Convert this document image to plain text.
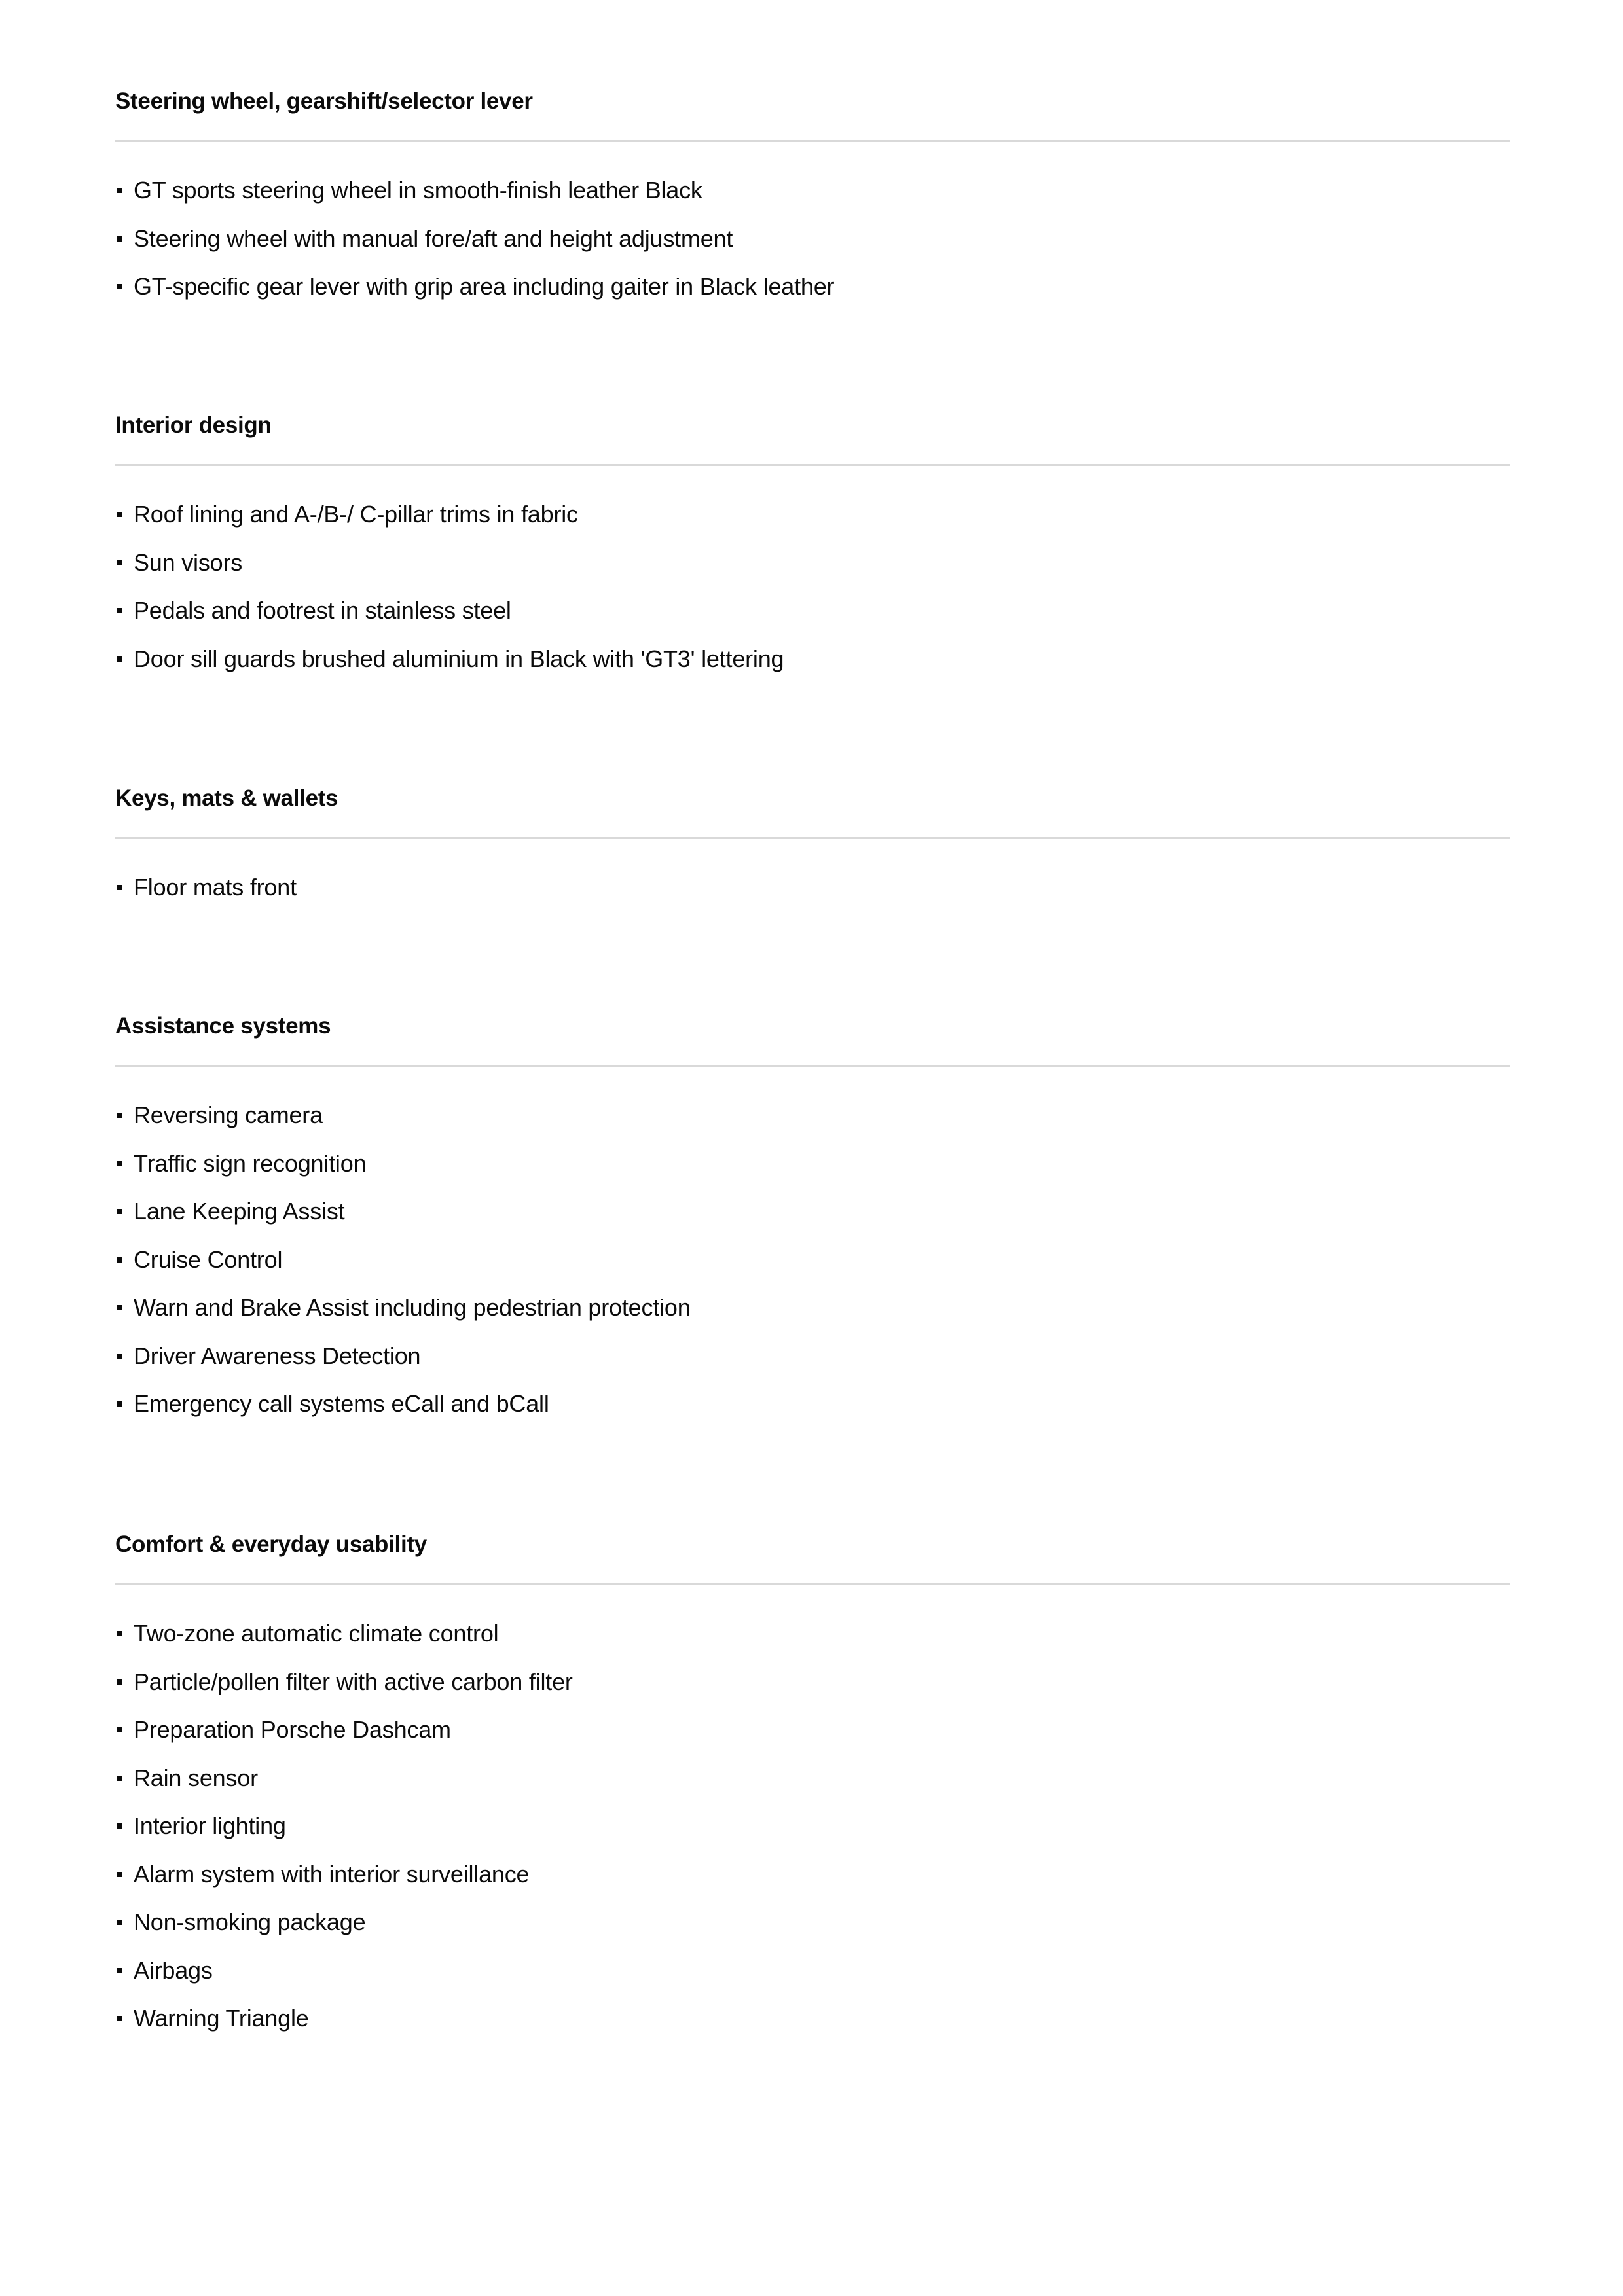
Steering wheel, gearshift/selector lever
GT sports steering wheel in smooth-finish leather Black
Steering wheel with manual fore/aft and height adjustment
GT-specific gear lever with grip area including gaiter in Black leather
Interior design
Roof lining and A-/B-/ C-pillar trims in fabric
Sun visors
Pedals and footrest in stainless steel
Door sill guards brushed aluminium in Black with 'GT3' lettering
Keys, mats & wallets
Floor mats front
Assistance systems
Reversing camera
Traffic sign recognition
Lane Keeping Assist
Cruise Control
Warn and Brake Assist including pedestrian protection
Driver Awareness Detection
Emergency call systems eCall and bCall
Comfort & everyday usability
Two-zone automatic climate control
Particle/pollen filter with active carbon filter
Preparation Porsche Dashcam
Rain sensor
Interior lighting
Alarm system with interior surveillance
Non-smoking package
Airbags
Warning Triangle
